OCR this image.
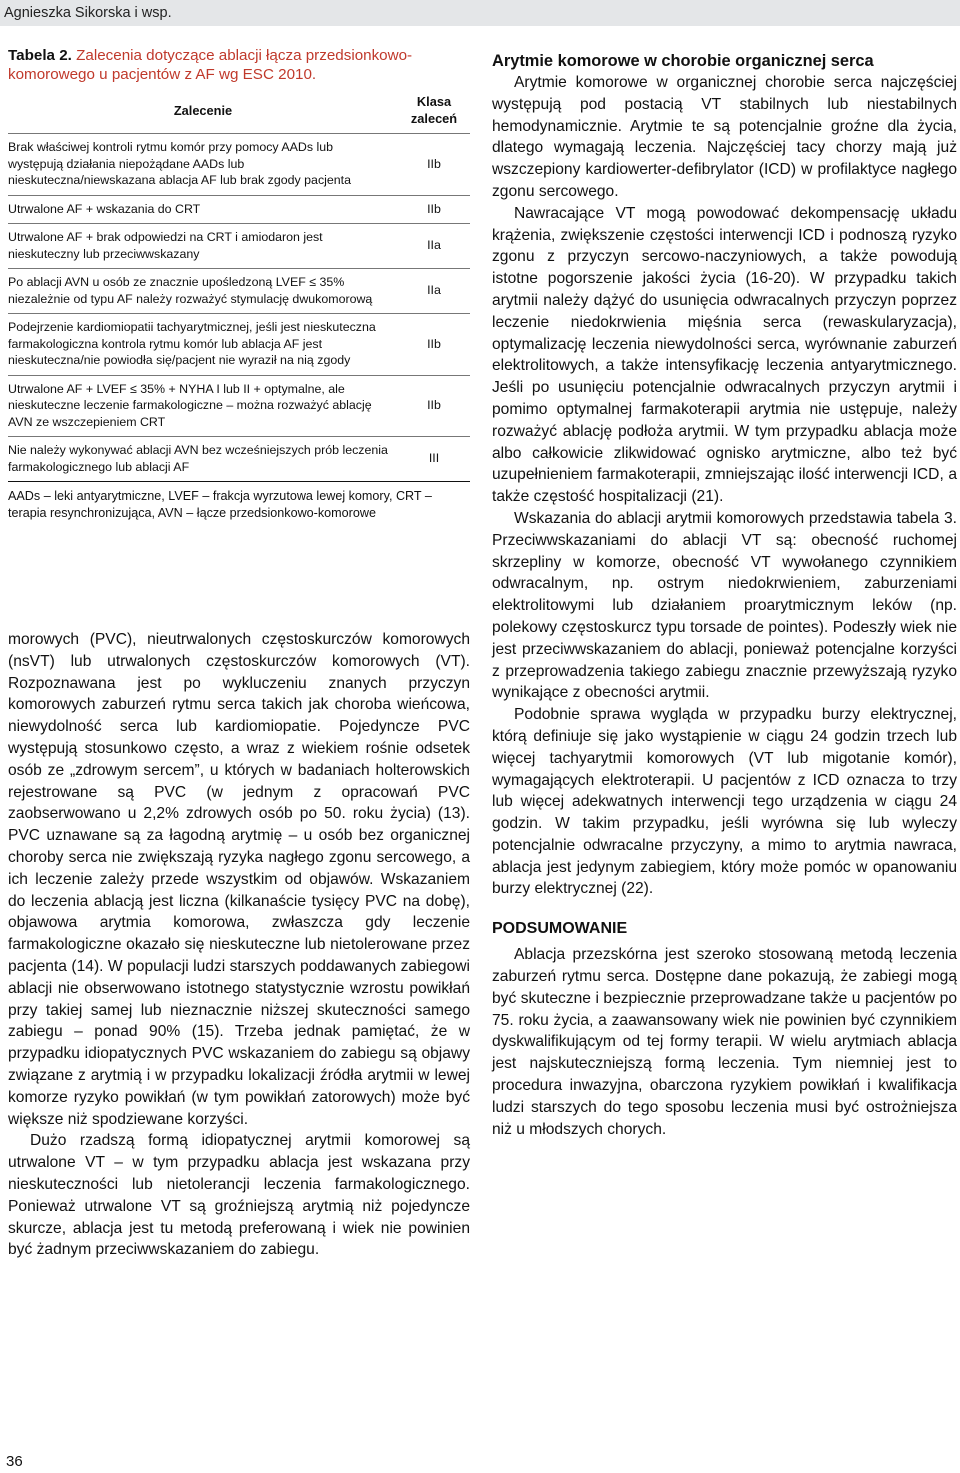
Agnieszka Sikorska i wsp.
Tabela 2. Zalecenia dotyczące ablacji łącza przedsionkowo-komorowego u pacjentów z AF wg ESC 2010.
Zalecenie	Klasa zaleceń
Brak właściwej kontroli rytmu komór przy pomocy AADs lub występują działania niepożądane AADs lub nieskuteczna/niewskazana ablacja AF lub brak zgody pacjenta	IIb
Utrwalone AF + wskazania do CRT	IIb
Utrwalone AF + brak odpowiedzi na CRT i amiodaron jest nieskuteczny lub przeciwwskazany	IIa
Po ablacji AVN u osób ze znacznie upośledzoną LVEF ≤ 35% niezależnie od typu AF należy rozważyć stymulację dwukomorową	IIa
Podejrzenie kardiomiopatii tachyarytmicznej, jeśli jest nieskuteczna farmakologiczna kontrola rytmu komór lub ablacja AF jest nieskuteczna/nie powiodła się/pacjent nie wyraził na nią zgody	IIb
Utrwalone AF + LVEF ≤ 35% + NYHA I lub II + optymalne, ale nieskuteczne leczenie farmakologiczne – można rozważyć ablację AVN ze wszczepieniem CRT	IIb
Nie należy wykonywać ablacji AVN bez wcześniejszych prób leczenia farmakologicznego lub ablacji AF	III
AADs – leki antyarytmiczne, LVEF – frakcja wyrzutowa lewej komory, CRT – terapia resynchronizująca, AVN – łącze przedsionkowo-komorowe

morowych (PVC), nieutrwalonych częstoskurczów komorowych (nsVT) lub utrwalonych częstoskurczów komorowych (VT). Rozpoznawana jest po wykluczeniu znanych przyczyn komorowych zaburzeń rytmu serca takich jak choroba wieńcowa, niewydolność serca lub kardiomiopatie. Pojedyncze PVC występują stosunkowo często, a wraz z wiekiem rośnie odsetek osób ze „zdrowym sercem”, u których w badaniach holterowskich rejestrowane są PVC (w jednym z opracowań PVC zaobserwowano u 2,2% zdrowych osób po 50. roku życia) (13). PVC uznawane są za łagodną arytmię – u osób bez organicznej choroby serca nie zwiększają ryzyka nagłego zgonu sercowego, a ich leczenie zależy przede wszystkim od objawów. Wskazaniem do leczenia ablacją jest liczna (kilkanaście tysięcy PVC na dobę), objawowa arytmia komorowa, zwłaszcza gdy leczenie farmakologiczne okazało się nieskuteczne lub nietolerowane przez pacjenta (14). W populacji ludzi starszych poddawanych zabiegowi ablacji nie obserwowano istotnego statystycznie wzrostu powikłań przy takiej samej lub nieznacznie niższej skuteczności samego zabiegu – ponad 90% (15). Trzeba jednak pamiętać, że w przypadku idiopatycznych PVC wskazaniem do zabiegu są objawy związane z arytmią i w przypadku lokalizacji źródła arytmii w lewej komorze ryzyko powikłań (w tym powikłań zatorowych) może być większe niż spodziewane korzyści.

Dużo rzadszą formą idiopatycznej arytmii komorowej są utrwalone VT – w tym przypadku ablacja jest wskazana przy nieskuteczności lub nietolerancji leczenia farmakologicznego. Ponieważ utrwalone VT są groźniejszą arytmią niż pojedyncze skurcze, ablacja jest tu metodą preferowaną i wiek nie powinien być żadnym przeciwwskazaniem do zabiegu.

Arytmie komorowe w chorobie organicznej serca

Arytmie komorowe w organicznej chorobie serca najczęściej występują pod postacią VT stabilnych lub niestabilnych hemodynamicznie. Arytmie te są potencjalnie groźne dla życia, dlatego wymagają leczenia. Najczęściej tacy chorzy mają już wszczepiony kardiowerter-defibrylator (ICD) w profilaktyce nagłego zgonu sercowego.

Nawracające VT mogą powodować dekompensację układu krążenia, zwiększenie częstości interwencji ICD i podnoszą ryzyko zgonu z przyczyn sercowo-naczyniowych, a także powodują istotne pogorszenie jakości życia (16-20). W przypadku takich arytmii należy dążyć do usunięcia odwracalnych przyczyn poprzez leczenie niedokrwienia mięśnia serca (rewaskularyzacja), optymalizację leczenia niewydolności serca, wyrównanie zaburzeń elektrolitowych, a także intensyfikację leczenia antyarytmicznego. Jeśli po usunięciu potencjalnie odwracalnych przyczyn arytmii i pomimo optymalnej farmakoterapii arytmia nie ustępuje, należy rozważyć ablację podłoża arytmii. W tym przypadku ablacja może albo całkowicie zlikwidować ognisko arytmiczne, albo też być uzupełnieniem farmakoterapii, zmniejszając ilość interwencji ICD, a także częstość hospitalizacji (21).

Wskazania do ablacji arytmii komorowych przedstawia tabela 3. Przeciwwskazaniami do ablacji VT są: obecność ruchomej skrzepliny w komorze, obecność VT wywołanego czynnikiem odwracalnym, np. ostrym niedokrwieniem, zaburzeniami elektrolitowymi lub działaniem proarytmicznym leków (np. polekowy częstoskurcz typu torsade de pointes). Podeszły wiek nie jest przeciwwskazaniem do ablacji, ponieważ potencjalne korzyści z przeprowadzenia takiego zabiegu znacznie przewyższają ryzyko wynikające z obecności arytmii.

Podobnie sprawa wygląda w przypadku burzy elektrycznej, którą definiuje się jako wystąpienie w ciągu 24 godzin trzech lub więcej tachyarytmii komorowych (VT lub migotanie komór), wymagających elektroterapii. U pacjentów z ICD oznacza to trzy lub więcej adekwatnych interwencji tego urządzenia w ciągu 24 godzin. W takim przypadku, jeśli wyrówna się lub wyleczy potencjalnie odwracalne przyczyny, a mimo to arytmia nawraca, ablacja jest jedynym zabiegiem, który może pomóc w opanowaniu burzy elektrycznej (22).

PODSUMOWANIE

Ablacja przezskórna jest szeroko stosowaną metodą leczenia zaburzeń rytmu serca. Dostępne dane pokazują, że zabiegi mogą być skuteczne i bezpiecznie przeprowadzane także u pacjentów po 75. roku życia, a zaawansowany wiek nie powinien być czynnikiem dyskwalifikującym od tej formy terapii. W wielu arytmiach ablacja jest najskuteczniejszą formą leczenia. Tym niemniej jest to procedura inwazyjna, obarczona ryzykiem powikłań i kwalifikacja ludzi starszych do tego sposobu leczenia musi być ostrożniejsza niż u młodszych chorych.

36
